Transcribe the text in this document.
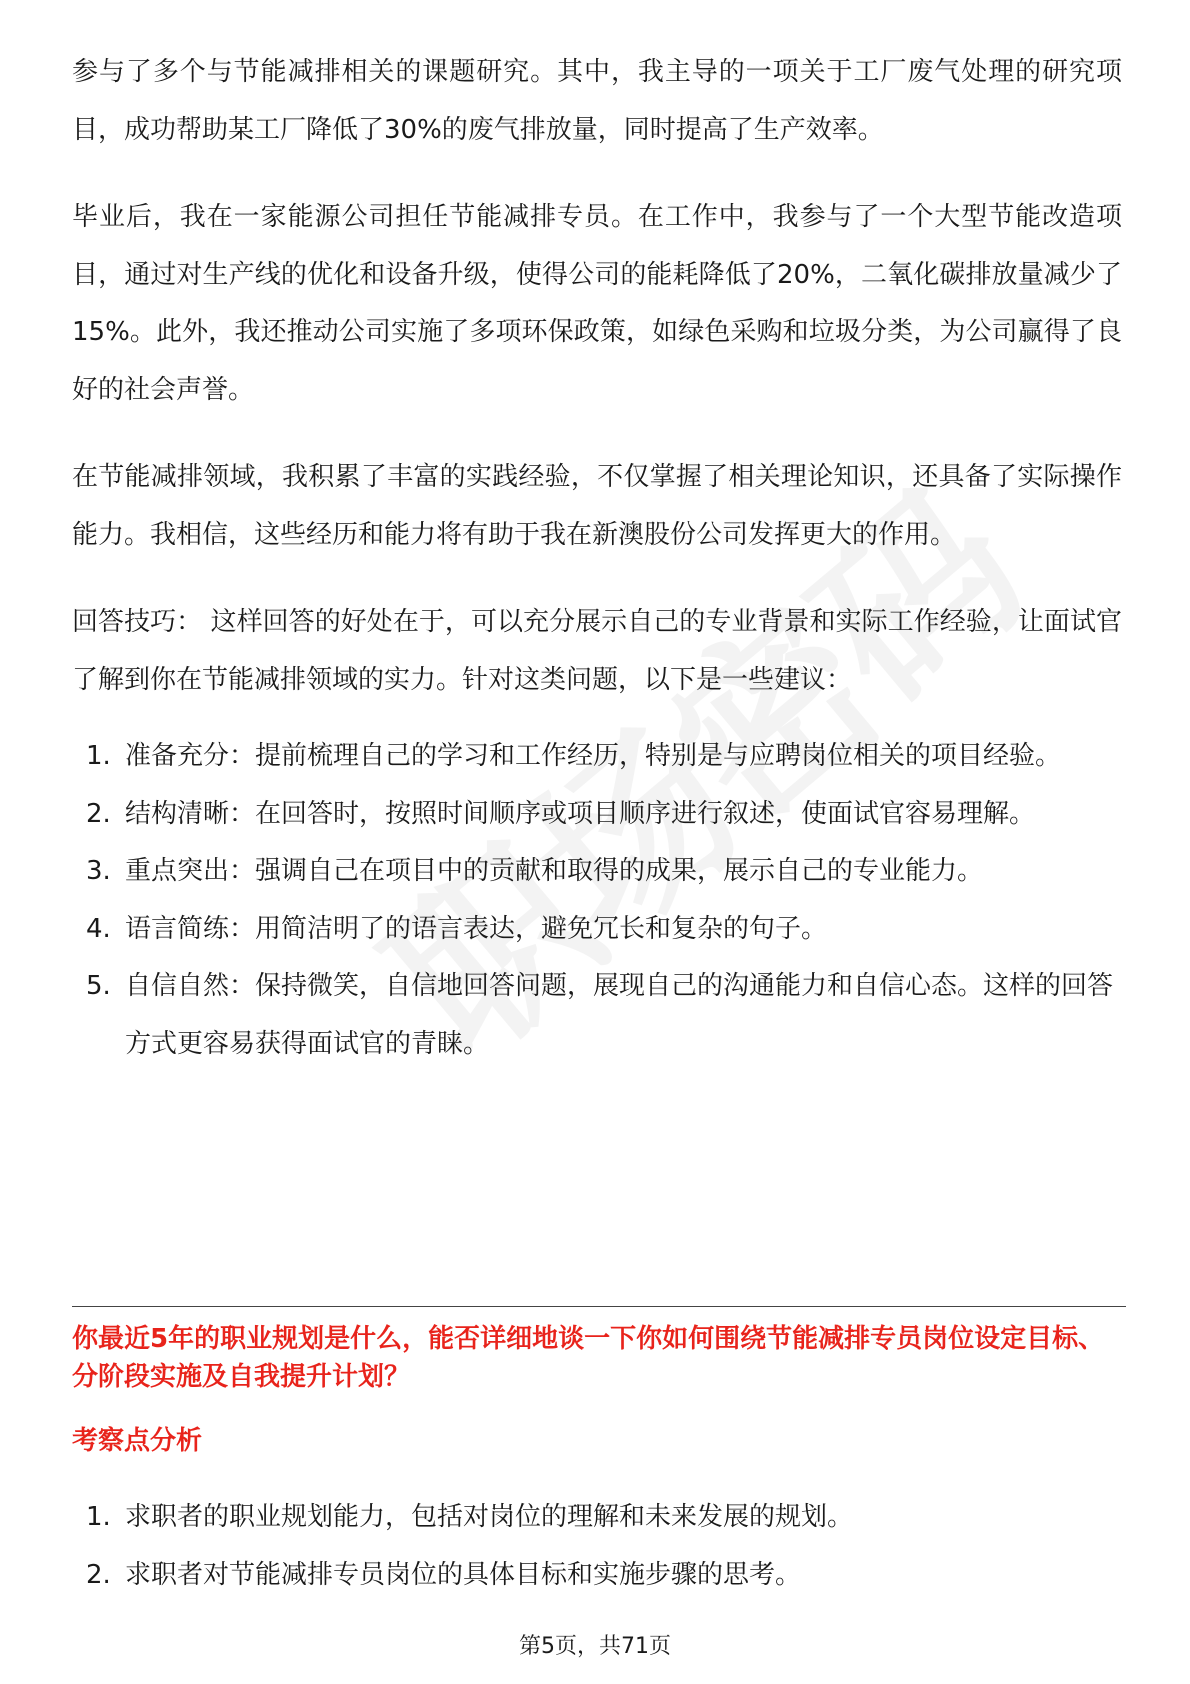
参与了多个与节能减排相关的课题研究。其中，我主导的一项关于工厂废气处理的研究项目，成功帮助某工厂降低了30%的废气排放量，同时提高了生产效率。

毕业后，我在一家能源公司担任节能减排专员。在工作中，我参与了一个大型节能改造项目，通过对生产线的优化和设备升级，使得公司的能耗降低了20%，二氧化碳排放量减少了15%。此外，我还推动公司实施了多项环保政策，如绿色采购和垃圾分类，为公司赢得了良好的社会声誉。

在节能减排领域，我积累了丰富的实践经验，不仅掌握了相关理论知识，还具备了实际操作能力。我相信，这些经历和能力将有助于我在新澳股份公司发挥更大的作用。

回答技巧： 这样回答的好处在于，可以充分展示自己的专业背景和实际工作经验，让面试官了解到你在节能减排领域的实力。针对这类问题，以下是一些建议：

1. 准备充分：提前梳理自己的学习和工作经历，特别是与应聘岗位相关的项目经验。
2. 结构清晰：在回答时，按照时间顺序或项目顺序进行叙述，使面试官容易理解。
3. 重点突出：强调自己在项目中的贡献和取得的成果，展示自己的专业能力。
4. 语言简练：用简洁明了的语言表达，避免冗长和复杂的句子。
5. 自信自然：保持微笑，自信地回答问题，展现自己的沟通能力和自信心态。这样的回答方式更容易获得面试官的青睐。

你最近5年的职业规划是什么，能否详细地谈一下你如何围绕节能减排专员岗位设定目标、分阶段实施及自我提升计划？

考察点分析

1. 求职者的职业规划能力，包括对岗位的理解和未来发展的规划。
2. 求职者对节能减排专员岗位的具体目标和实施步骤的思考。
第5页，共71页
